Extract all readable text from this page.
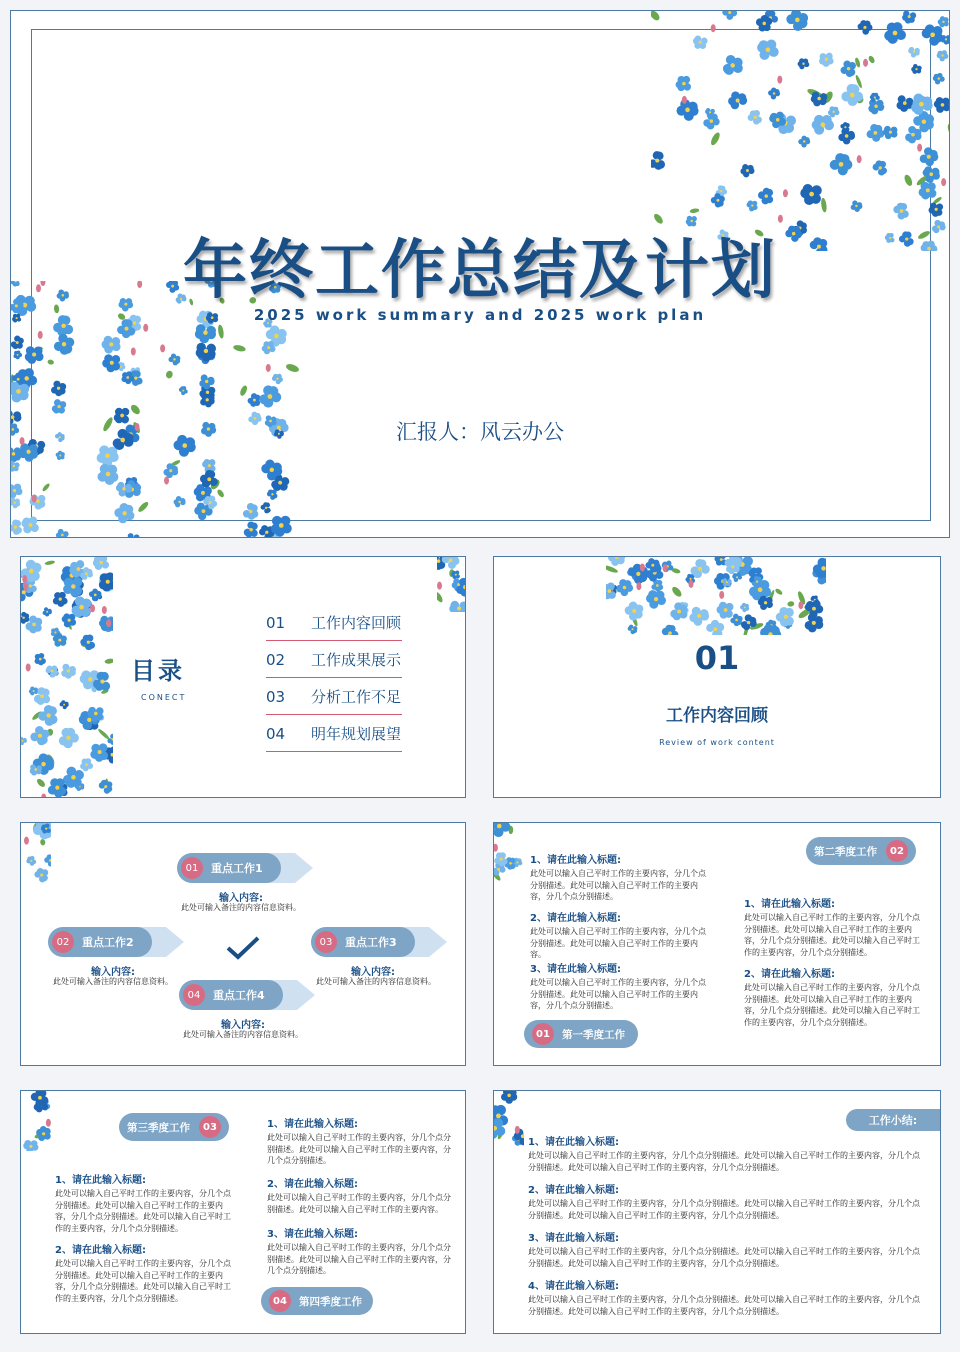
年终工作总结及计划
2025 work summary and 2025 work plan
汇报人：风云办公
目录
CONECT
01	工作内容回顾
02	工作成果展示
03	分析工作不足
04	明年规划展望
01
工作内容回顾
Review of work content
01	重点工作1
输入内容:
此处可输入备注的内容信息资料。
02	重点工作2
输入内容:
此处可输入备注的内容信息资料。
03	重点工作3
输入内容:
此处可输入备注的内容信息资料。
04	重点工作4
输入内容:
此处可输入备注的内容信息资料。
1、请在此输入标题:
此处可以输入自己平时工作的主要内容，分几个点分别描述。此处可以输入自己平时工作的主要内容，分几个点分别描述。
2、请在此输入标题:
此处可以输入自己平时工作的主要内容，分几个点分别描述。此处可以输入自己平时工作的主要内容。
3、请在此输入标题:
此处可以输入自己平时工作的主要内容，分几个点分别描述。此处可以输入自己平时工作的主要内容，分几个点分别描述。
01	第一季度工作
第二季度工作	02
1、请在此输入标题:
此处可以输入自己平时工作的主要内容，分几个点分别描述。此处可以输入自己平时工作的主要内容，分几个点分别描述。此处可以输入自己平时工作的主要内容，分几个点分别描述。
2、请在此输入标题:
此处可以输入自己平时工作的主要内容，分几个点分别描述。此处可以输入自己平时工作的主要内容，分几个点分别描述。此处可以输入自己平时工作的主要内容，分几个点分别描述。
第三季度工作	03
1、请在此输入标题:
此处可以输入自己平时工作的主要内容，分几个点分别描述。此处可以输入自己平时工作的主要内容，分几个点分别描述。此处可以输入自己平时工作的主要内容，分几个点分别描述。
2、请在此输入标题:
此处可以输入自己平时工作的主要内容，分几个点分别描述。此处可以输入自己平时工作的主要内容，分几个点分别描述。此处可以输入自己平时工作的主要内容，分几个点分别描述。
1、请在此输入标题:
此处可以输入自己平时工作的主要内容，分几个点分别描述。此处可以输入自己平时工作的主要内容，分几个点分别描述。
2、请在此输入标题:
此处可以输入自己平时工作的主要内容，分几个点分别描述。此处可以输入自己平时工作的主要内容。
3、请在此输入标题:
此处可以输入自己平时工作的主要内容，分几个点分别描述。此处可以输入自己平时工作的主要内容，分几个点分别描述。
04	第四季度工作
工作小结:
1、请在此输入标题:
此处可以输入自己平时工作的主要内容，分几个点分别描述。此处可以输入自己平时工作的主要内容，分几个点分别描述。此处可以输入自己平时工作的主要内容，分几个点分别描述。
2、请在此输入标题:
此处可以输入自己平时工作的主要内容，分几个点分别描述。此处可以输入自己平时工作的主要内容，分几个点分别描述。此处可以输入自己平时工作的主要内容，分几个点分别描述。
3、请在此输入标题:
此处可以输入自己平时工作的主要内容，分几个点分别描述。此处可以输入自己平时工作的主要内容，分几个点分别描述。此处可以输入自己平时工作的主要内容，分几个点分别描述。
4、请在此输入标题:
此处可以输入自己平时工作的主要内容，分几个点分别描述。此处可以输入自己平时工作的主要内容，分几个点分别描述。此处可以输入自己平时工作的主要内容，分几个点分别描述。
